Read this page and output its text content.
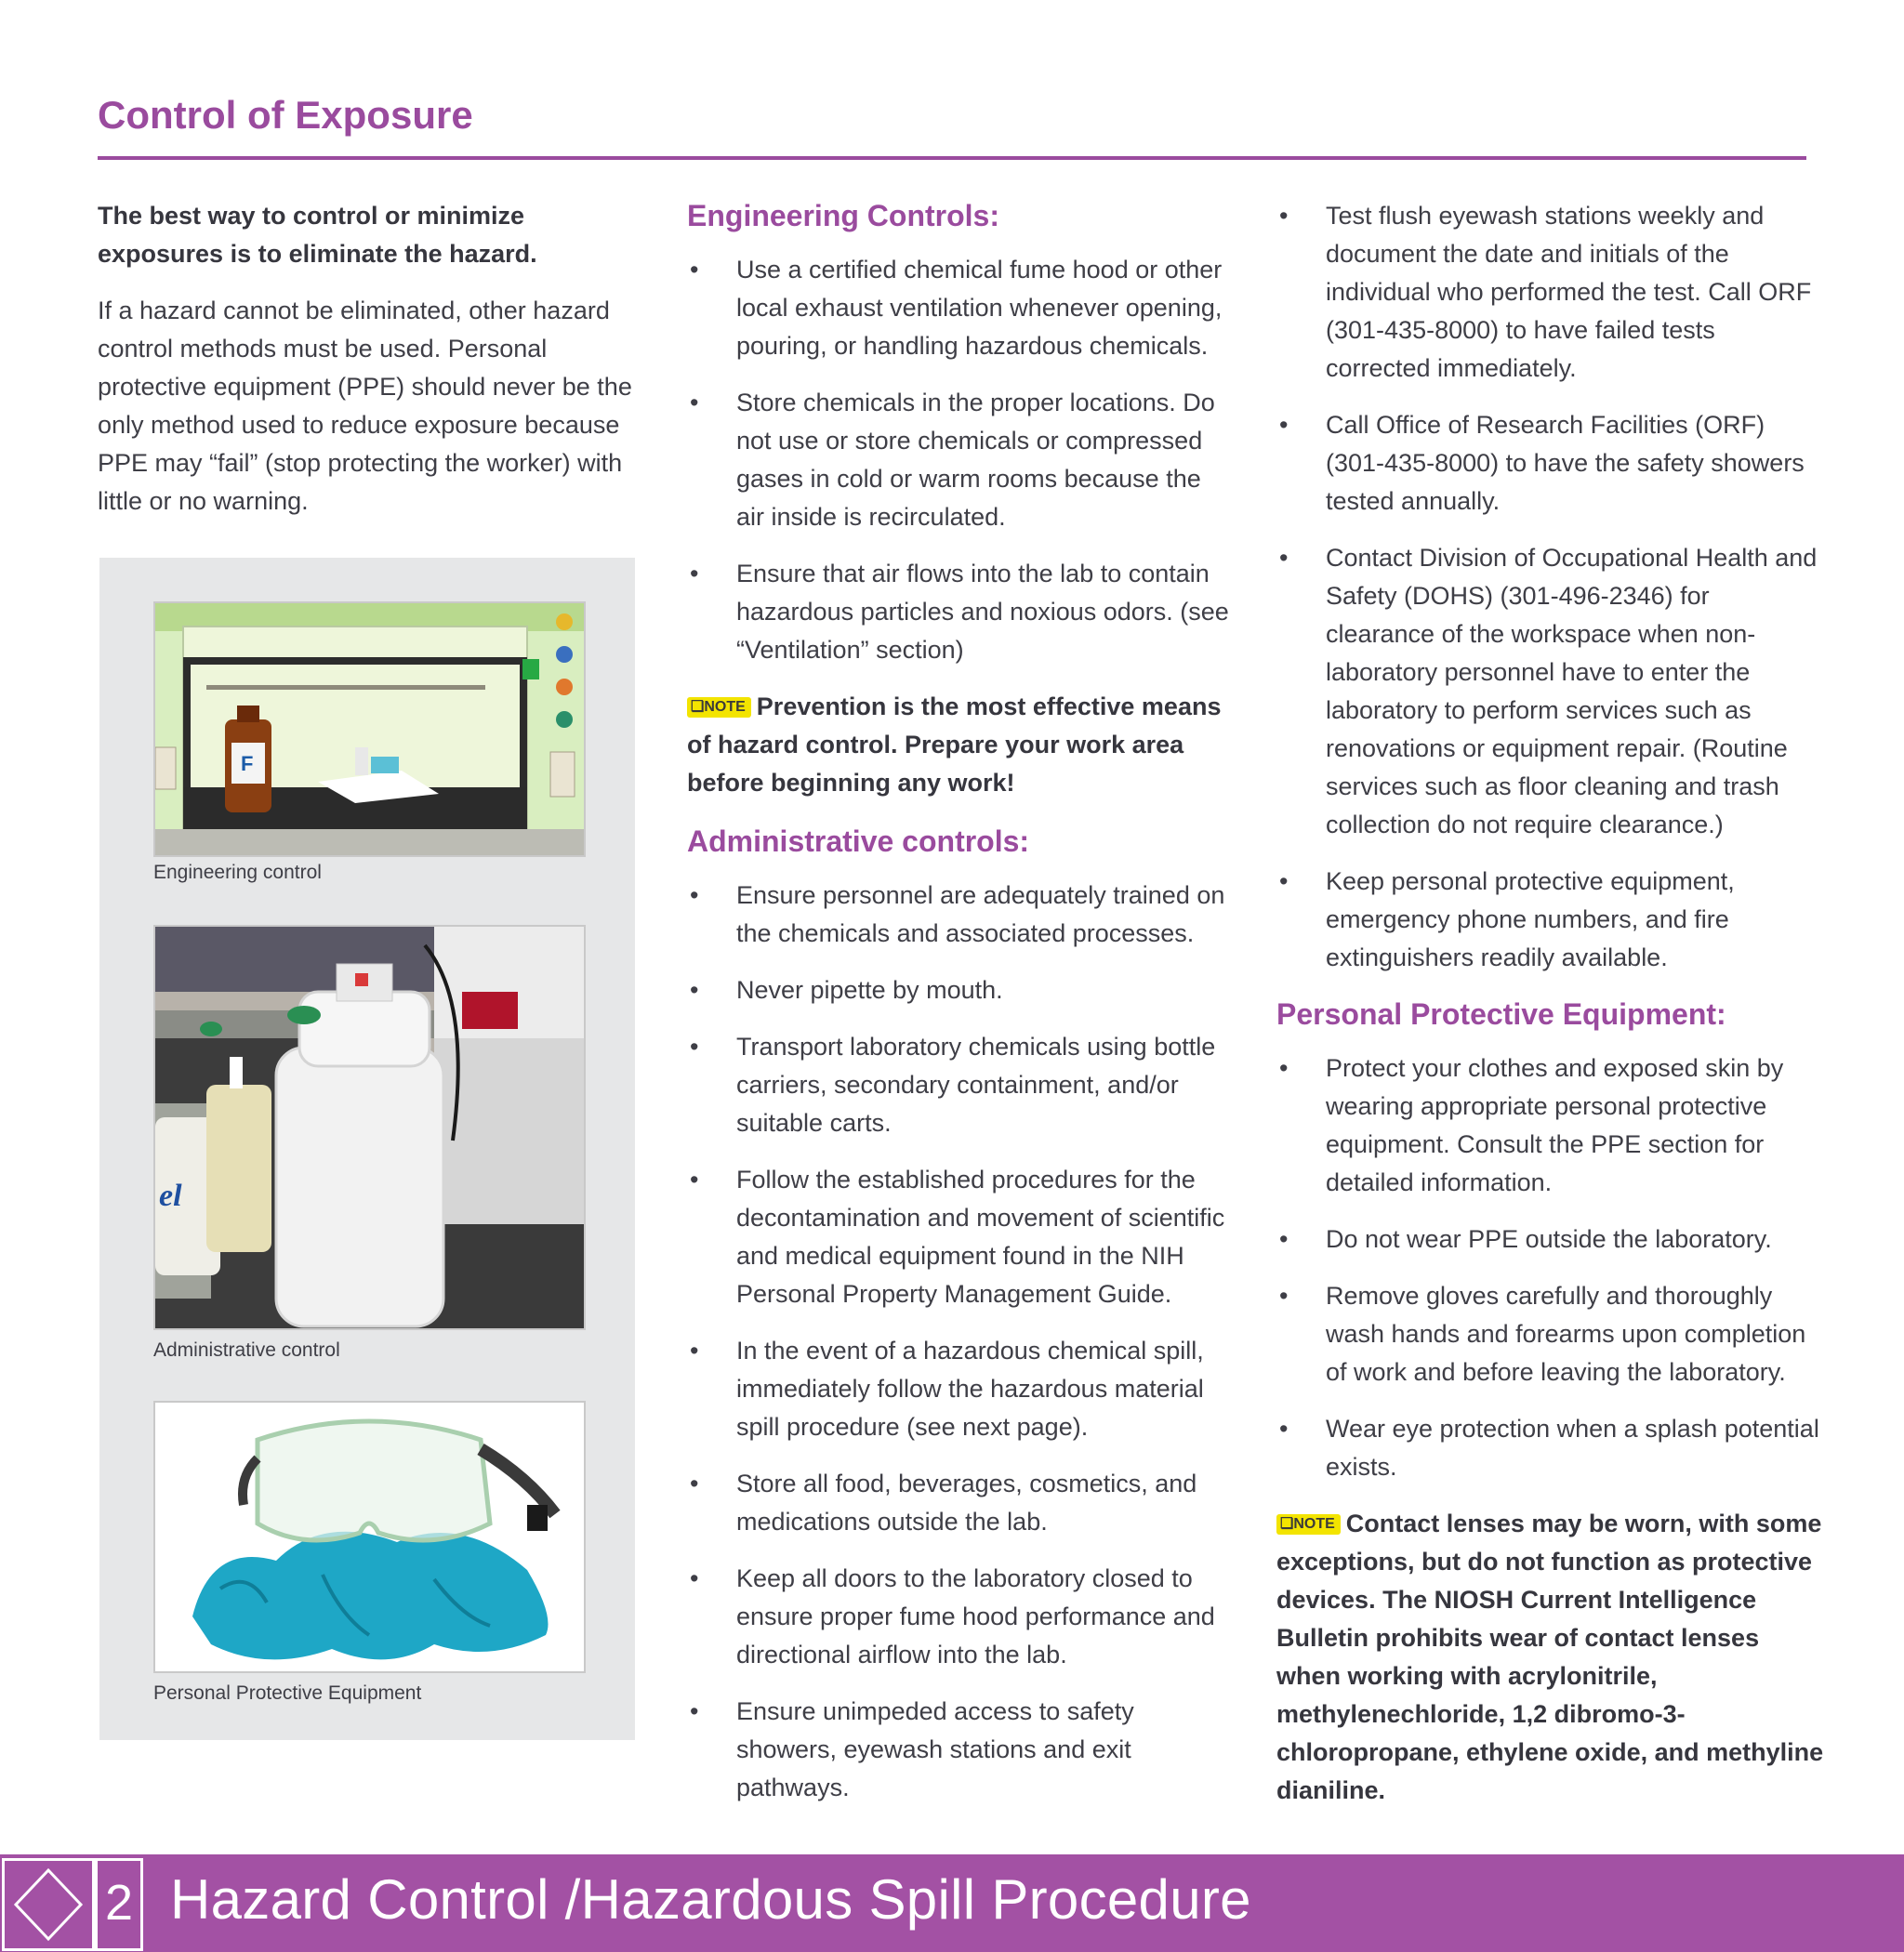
Control of Exposure

The best way to control or minimize exposures is to eliminate the hazard.

If a hazard cannot be eliminated, other hazard control methods must be used. Personal protective equipment (PPE) should never be the only method used to reduce exposure because PPE may “fail” (stop protecting the worker) with little or no warning.

F
Engineering control
el
Administrative control
Personal Protective Equipment
Engineering Controls:
• Use a certified chemical fume hood or other local exhaust ventilation whenever opening, pouring, or handling hazardous chemicals.
• Store chemicals in the proper locations. Do not use or store chemicals or compressed gases in cold or warm rooms because the air inside is recirculated.
• Ensure that air flows into the lab to contain hazardous particles and noxious odors. (see “Ventilation” section)

❏NOTE Prevention is the most effective means of hazard control. Prepare your work area before beginning any work!

Administrative controls:
• Ensure personnel are adequately trained on the chemicals and associated processes.
• Never pipette by mouth.
• Transport laboratory chemicals using bottle carriers, secondary containment, and/or suitable carts.
• Follow the established procedures for the decontamination and movement of scientific and medical equipment found in the NIH Personal Property Management Guide.
• In the event of a hazardous chemical spill, immediately follow the hazardous material spill procedure (see next page).
• Store all food, beverages, cosmetics, and medications outside the lab.
• Keep all doors to the laboratory closed to ensure proper fume hood performance and directional airflow into the lab.
• Ensure unimpeded access to safety showers, eyewash stations and exit pathways.
• Test flush eyewash stations weekly and document the date and initials of the individual who performed the test. Call ORF (301-435-8000) to have failed tests corrected immediately.
• Call Office of Research Facilities (ORF) (301-435-8000) to have the safety showers tested annually.
• Contact Division of Occupational Health and Safety (DOHS) (301-496-2346) for clearance of the workspace when non-laboratory personnel have to enter the laboratory to perform services such as renovations or equipment repair. (Routine services such as floor cleaning and trash collection do not require clearance.)
• Keep personal protective equipment, emergency phone numbers, and fire extinguishers readily available.
Personal Protective Equipment:
• Protect your clothes and exposed skin by wearing appropriate personal protective equipment. Consult the PPE section for detailed information.
• Do not wear PPE outside the laboratory.
• Remove gloves carefully and thoroughly wash hands and forearms upon completion of work and before leaving the laboratory.
• Wear eye protection when a splash potential exists.

❏NOTE Contact lenses may be worn, with some exceptions, but do not function as protective devices. The NIOSH Current Intelligence Bulletin prohibits wear of contact lenses when working with acrylonitrile, methylenechloride, 1,2 dibromo-3-chloropropane, ethylene oxide, and methyline dianiline.

2 Hazard Control /Hazardous Spill Procedure
